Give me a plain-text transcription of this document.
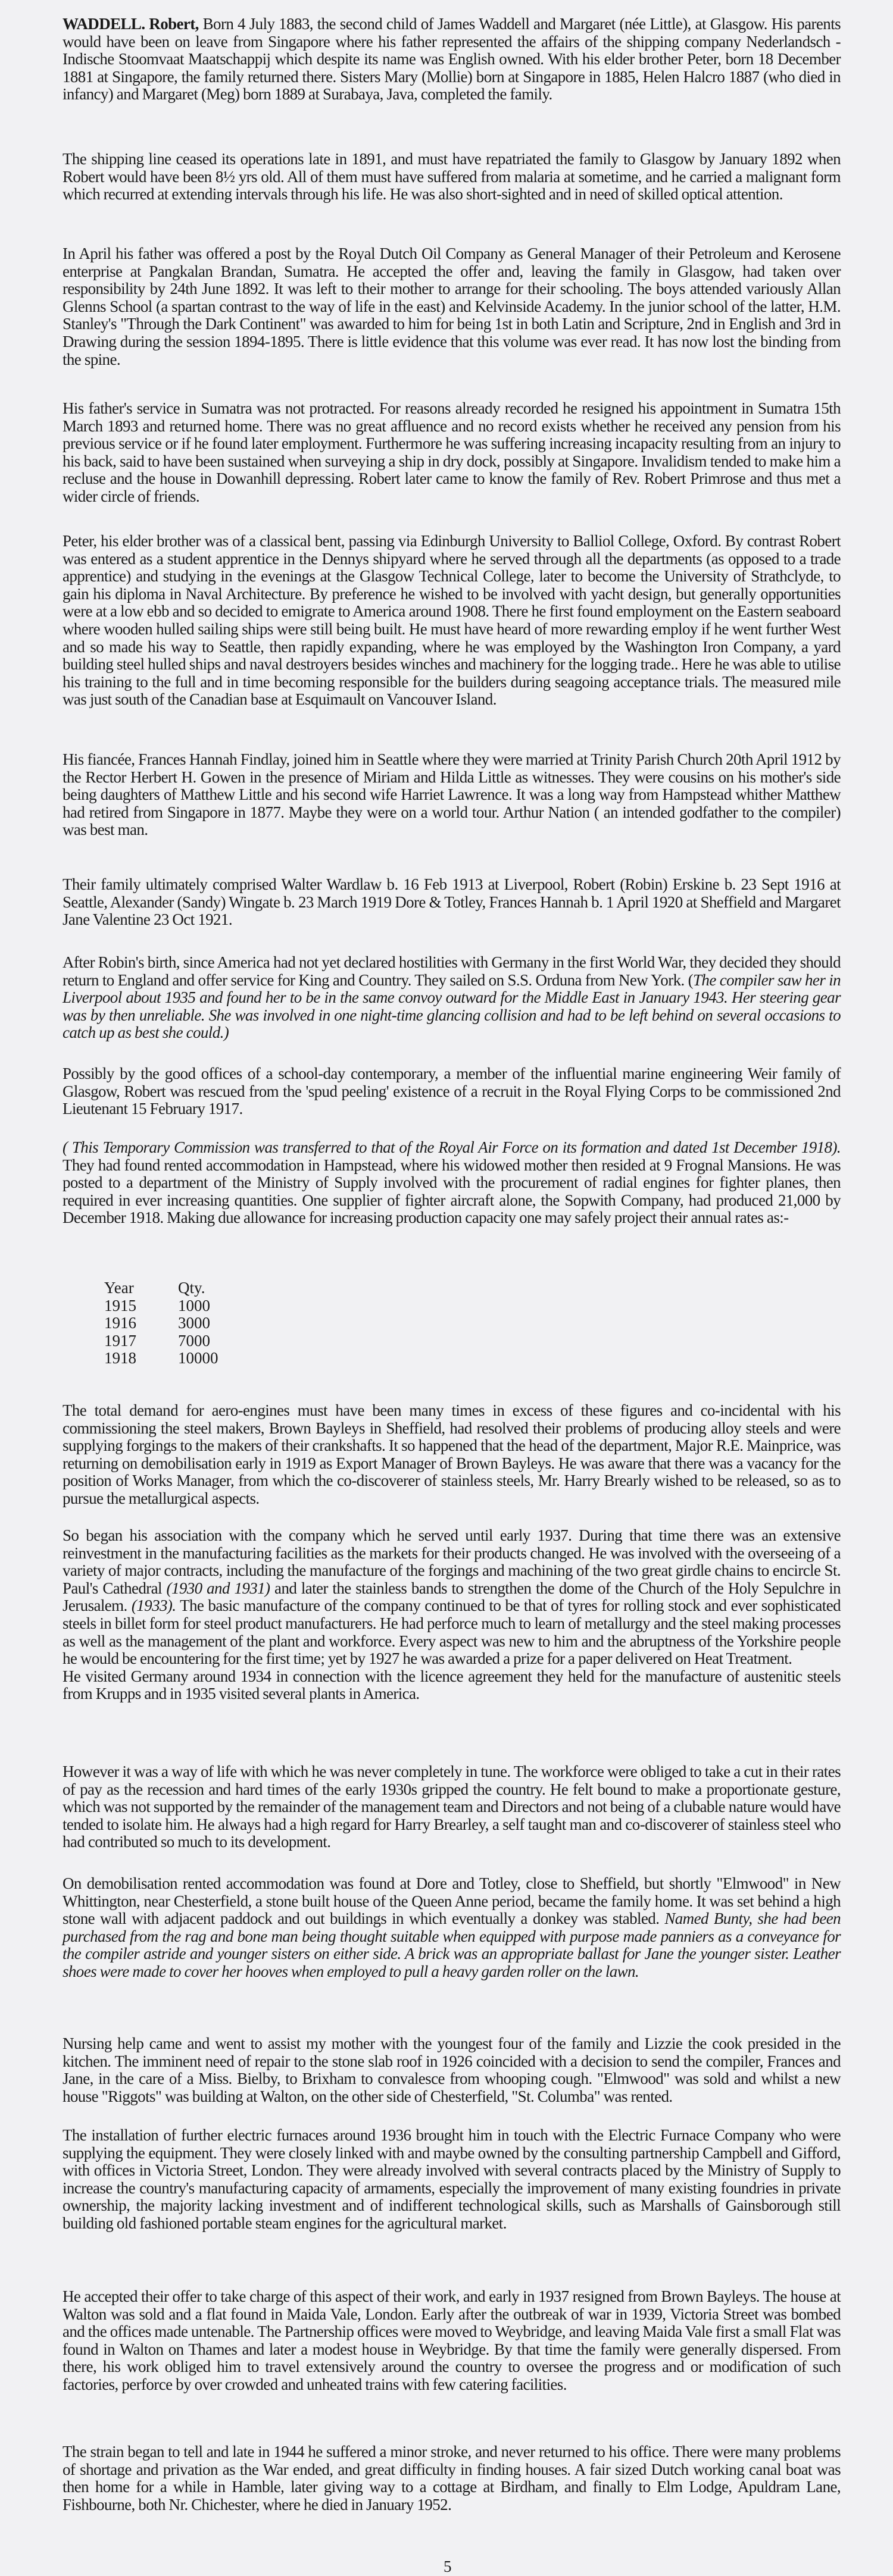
WADDELL. Robert, Born 4 July 1883, the second child of James Waddell and Margaret (née Little), at Glasgow. His parents would have been on leave from Singapore where his father represented the affairs of the shipping company Nederlandsch - Indische Stoomvaat Maatschappij which despite its name was English owned. With his elder brother Peter, born 18 December 1881 at Singapore, the family returned there. Sisters Mary (Mollie) born at Singapore in 1885, Helen Halcro 1887 (who died in infancy) and Margaret (Meg) born 1889 at Surabaya, Java, completed the family.

The shipping line ceased its operations late in 1891, and must have repatriated the family to Glasgow by January 1892 when Robert would have been 8½ yrs old. All of them must have suffered from malaria at sometime, and he carried a malignant form which recurred at extending intervals through his life. He was also short-sighted and in need of skilled optical attention.

In April his father was offered a post by the Royal Dutch Oil Company as General Manager of their Petroleum and Kerosene enterprise at Pangkalan Brandan, Sumatra. He accepted the offer and, leaving the family in Glasgow, had taken over responsibility by 24th June 1892. It was left to their mother to arrange for their schooling. The boys attended variously Allan Glenns School (a spartan contrast to the way of life in the east) and Kelvinside Academy. In the junior school of the latter, H.M. Stanley's "Through the Dark Continent" was awarded to him for being 1st in both Latin and Scripture, 2nd in English and 3rd in Drawing during the session 1894-1895. There is little evidence that this volume was ever read. It has now lost the binding from the spine.

His father's service in Sumatra was not protracted. For reasons already recorded he resigned his appointment in Sumatra 15th March 1893 and returned home. There was no great affluence and no record exists whether he received any pension from his previous service or if he found later employment. Furthermore he was suffering increasing incapacity resulting from an injury to his back, said to have been sustained when surveying a ship in dry dock, possibly at Singapore. Invalidism tended to make him a recluse and the house in Dowanhill depressing. Robert later came to know the family of Rev. Robert Primrose and thus met a wider circle of friends.

Peter, his elder brother was of a classical bent, passing via Edinburgh University to Balliol College, Oxford. By contrast Robert was entered as a student apprentice in the Dennys shipyard where he served through all the departments (as opposed to a trade apprentice) and studying in the evenings at the Glasgow Technical College, later to become the University of Strathclyde, to gain his diploma in Naval Architecture. By preference he wished to be involved with yacht design, but generally opportunities were at a low ebb and so decided to emigrate to America around 1908. There he first found employment on the Eastern seaboard where wooden hulled sailing ships were still being built. He must have heard of more rewarding employ if he went further West and so made his way to Seattle, then rapidly expanding, where he was employed by the Washington Iron Company, a yard building steel hulled ships and naval destroyers besides winches and machinery for the logging trade.. Here he was able to utilise his training to the full and in time becoming responsible for the builders during seagoing acceptance trials. The measured mile was just south of the Canadian base at Esquimault on Vancouver Island.

His fiancée, Frances Hannah Findlay, joined him in Seattle where they were married at Trinity Parish Church 20th April 1912 by the Rector Herbert H. Gowen in the presence of Miriam and Hilda Little as witnesses. They were cousins on his mother's side being daughters of Matthew Little and his second wife Harriet Lawrence. It was a long way from Hampstead whither Matthew had retired from Singapore in 1877. Maybe they were on a world tour. Arthur Nation ( an intended godfather to the compiler) was best man.

Their family ultimately comprised Walter Wardlaw b. 16 Feb 1913 at Liverpool, Robert (Robin) Erskine b. 23 Sept 1916 at Seattle, Alexander (Sandy) Wingate b. 23 March 1919 Dore & Totley, Frances Hannah b. 1 April 1920 at Sheffield and Margaret Jane Valentine 23 Oct 1921.

After Robin's birth, since America had not yet declared hostilities with Germany in the first World War, they decided they should return to England and offer service for King and Country. They sailed on S.S. Orduna from New York. (The compiler saw her in Liverpool about 1935 and found her to be in the same convoy outward for the Middle East in January 1943. Her steering gear was by then unreliable. She was involved in one night-time glancing collision and had to be left behind on several occasions to catch up as best she could.)

Possibly by the good offices of a school-day contemporary, a member of the influential marine engineering Weir family of Glasgow, Robert was rescued from the 'spud peeling' existence of a recruit in the Royal Flying Corps to be commissioned 2nd Lieutenant 15 February 1917.

( This Temporary Commission was transferred to that of the Royal Air Force on its formation and dated 1st December 1918). They had found rented accommodation in Hampstead, where his widowed mother then resided at 9 Frognal Mansions. He was posted to a department of the Ministry of Supply involved with the procurement of radial engines for fighter planes, then required in ever increasing quantities. One supplier of fighter aircraft alone, the Sopwith Company, had produced 21,000 by December 1918. Making due allowance for increasing production capacity one may safely project their annual rates as:-

Year	Qty.
1915	1000
1916	3000
1917	7000
1918	10000

The total demand for aero-engines must have been many times in excess of these figures and co-incidental with his commissioning the steel makers, Brown Bayleys in Sheffield, had resolved their problems of producing alloy steels and were supplying forgings to the makers of their crankshafts. It so happened that the head of the department, Major R.E. Mainprice, was returning on demobilisation early in 1919 as Export Manager of Brown Bayleys. He was aware that there was a vacancy for the position of Works Manager, from which the co-discoverer of stainless steels, Mr. Harry Brearly wished to be released, so as to pursue the metallurgical aspects.

So began his association with the company which he served until early 1937. During that time there was an extensive reinvestment in the manufacturing facilities as the markets for their products changed. He was involved with the overseeing of a variety of major contracts, including the manufacture of the forgings and machining of the two great girdle chains to encircle St. Paul's Cathedral (1930 and 1931) and later the stainless bands to strengthen the dome of the Church of the Holy Sepulchre in Jerusalem. (1933). The basic manufacture of the company continued to be that of tyres for rolling stock and ever sophisticated steels in billet form for steel product manufacturers. He had perforce much to learn of metallurgy and the steel making processes as well as the management of the plant and workforce. Every aspect was new to him and the abruptness of the Yorkshire people he would be encountering for the first time; yet by 1927 he was awarded a prize for a paper delivered on Heat Treatment.
He visited Germany around 1934 in connection with the licence agreement they held for the manufacture of austenitic steels from Krupps and in 1935 visited several plants in America.

However it was a way of life with which he was never completely in tune. The workforce were obliged to take a cut in their rates of pay as the recession and hard times of the early 1930s gripped the country. He felt bound to make a proportionate gesture, which was not supported by the remainder of the management team and Directors and not being of a clubable nature would have tended to isolate him. He always had a high regard for Harry Brearley, a self taught man and co-discoverer of stainless steel who had contributed so much to its development.

On demobilisation rented accommodation was found at Dore and Totley, close to Sheffield, but shortly "Elmwood" in New Whittington, near Chesterfield, a stone built house of the Queen Anne period, became the family home. It was set behind a high stone wall with adjacent paddock and out buildings in which eventually a donkey was stabled. Named Bunty, she had been purchased from the rag and bone man being thought suitable when equipped with purpose made panniers as a conveyance for the compiler astride and younger sisters on either side. A brick was an appropriate ballast for Jane the younger sister. Leather shoes were made to cover her hooves when employed to pull a heavy garden roller on the lawn.

Nursing help came and went to assist my mother with the youngest four of the family and Lizzie the cook presided in the kitchen. The imminent need of repair to the stone slab roof in 1926 coincided with a decision to send the compiler, Frances and Jane, in the care of a Miss. Bielby, to Brixham to convalesce from whooping cough. "Elmwood" was sold and whilst a new house "Riggots" was building at Walton, on the other side of Chesterfield, "St. Columba" was rented.

The installation of further electric furnaces around 1936 brought him in touch with the Electric Furnace Company who were supplying the equipment. They were closely linked with and maybe owned by the consulting partnership Campbell and Gifford, with offices in Victoria Street, London. They were already involved with several contracts placed by the Ministry of Supply to increase the country's manufacturing capacity of armaments, especially the improvement of many existing foundries in private ownership, the majority lacking investment and of indifferent technological skills, such as Marshalls of Gainsborough still building old fashioned portable steam engines for the agricultural market.

He accepted their offer to take charge of this aspect of their work, and early in 1937 resigned from Brown Bayleys. The house at Walton was sold and a flat found in Maida Vale, London. Early after the outbreak of war in 1939, Victoria Street was bombed and the offices made untenable. The Partnership offices were moved to Weybridge, and leaving Maida Vale first a small Flat was found in Walton on Thames and later a modest house in Weybridge. By that time the family were generally dispersed. From there, his work obliged him to travel extensively around the country to oversee the progress and or modification of such factories, perforce by over crowded and unheated trains with few catering facilities.

The strain began to tell and late in 1944 he suffered a minor stroke, and never returned to his office. There were many problems of shortage and privation as the War ended, and great difficulty in finding houses. A fair sized Dutch working canal boat was then home for a while in Hamble, later giving way to a cottage at Birdham, and finally to Elm Lodge, Apuldram Lane, Fishbourne, both Nr. Chichester, where he died in January 1952.

5
